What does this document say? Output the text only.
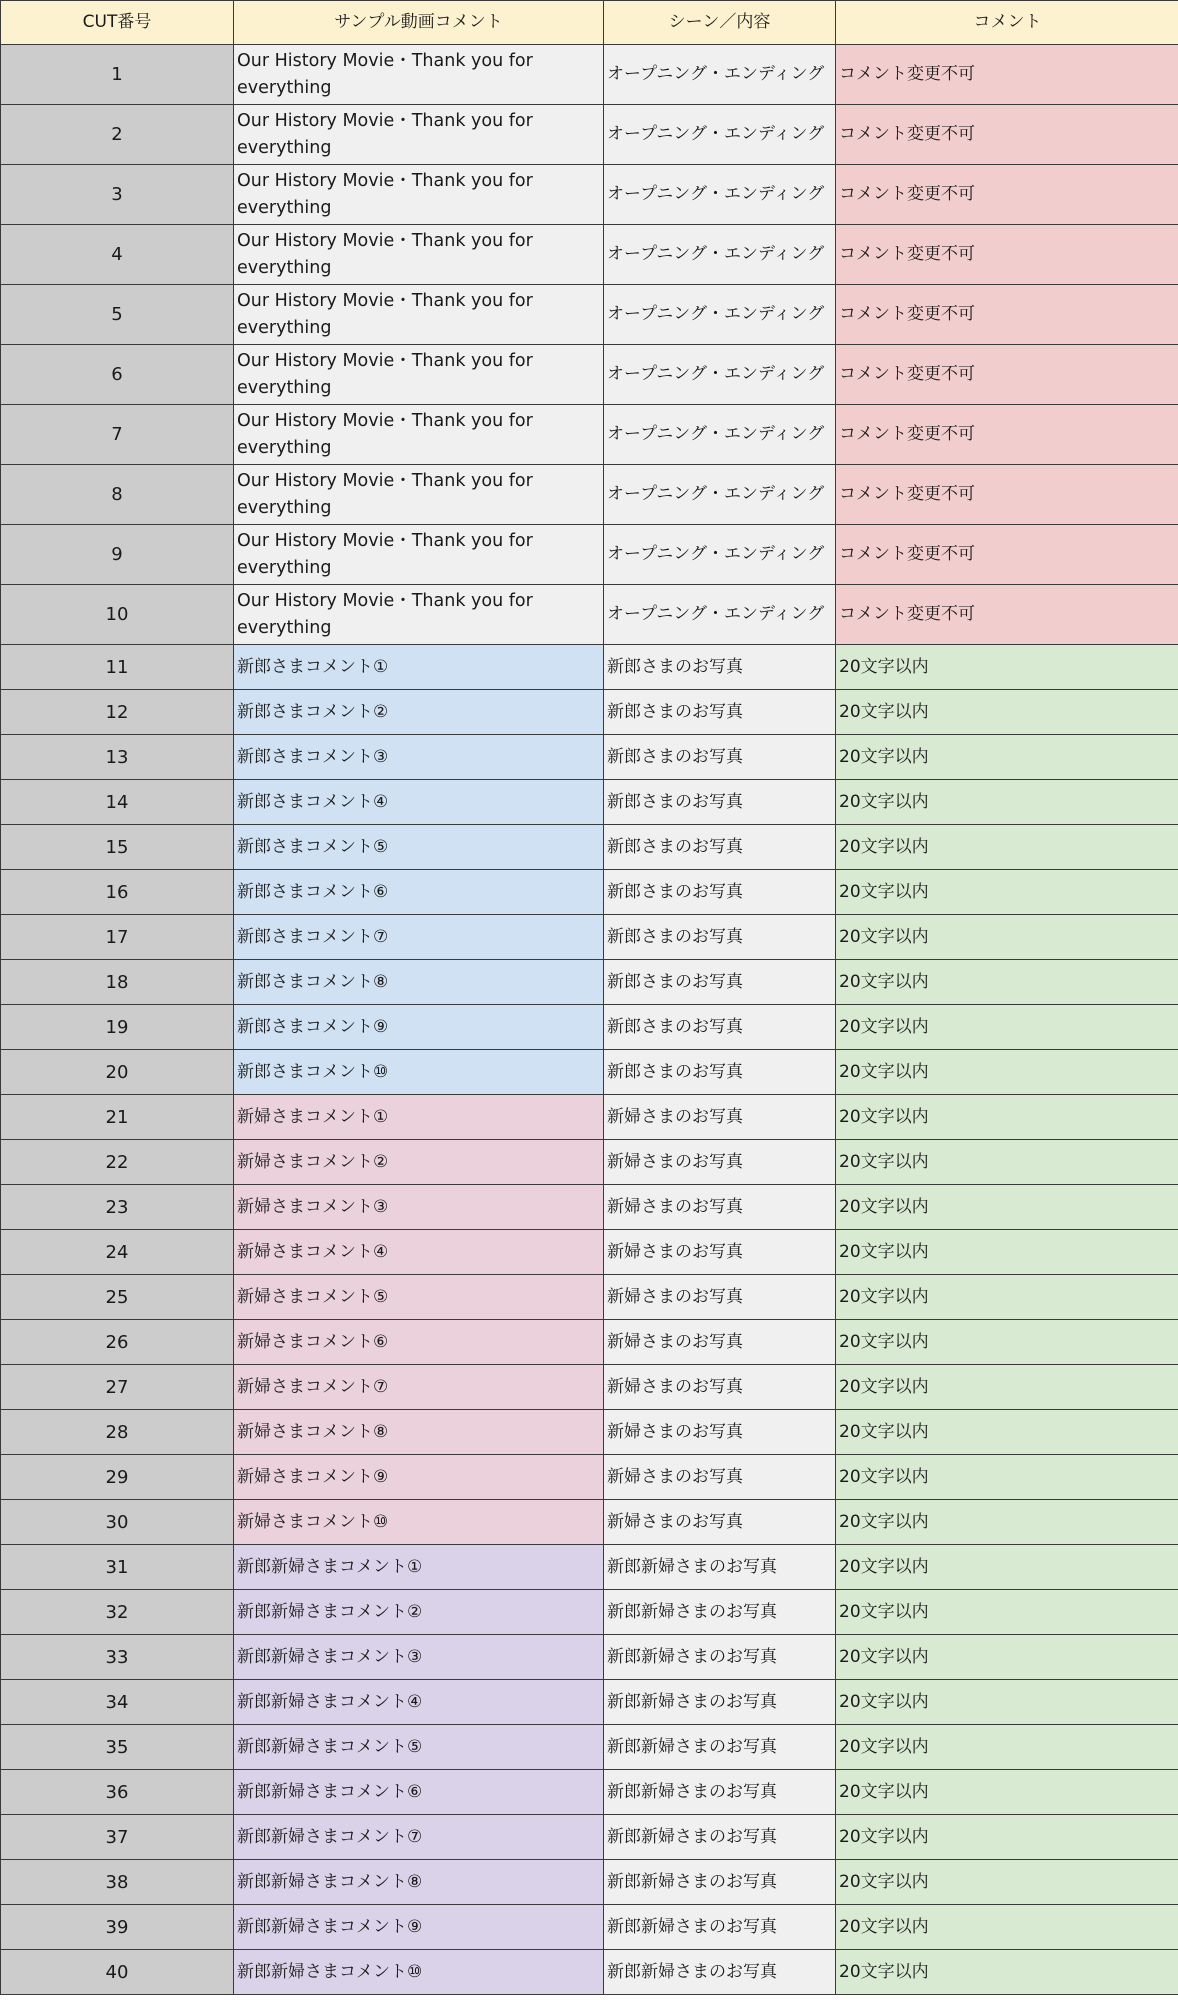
CUT番号	サンプル動画コメント	シーン／内容	コメント
1	Our History Movie・Thank you for everything	オープニング・エンディング	コメント変更不可
2	Our History Movie・Thank you for everything	オープニング・エンディング	コメント変更不可
3	Our History Movie・Thank you for everything	オープニング・エンディング	コメント変更不可
4	Our History Movie・Thank you for everything	オープニング・エンディング	コメント変更不可
5	Our History Movie・Thank you for everything	オープニング・エンディング	コメント変更不可
6	Our History Movie・Thank you for everything	オープニング・エンディング	コメント変更不可
7	Our History Movie・Thank you for everything	オープニング・エンディング	コメント変更不可
8	Our History Movie・Thank you for everything	オープニング・エンディング	コメント変更不可
9	Our History Movie・Thank you for everything	オープニング・エンディング	コメント変更不可
10	Our History Movie・Thank you for everything	オープニング・エンディング	コメント変更不可
11	新郎さまコメント①	新郎さまのお写真	20文字以内
12	新郎さまコメント②	新郎さまのお写真	20文字以内
13	新郎さまコメント③	新郎さまのお写真	20文字以内
14	新郎さまコメント④	新郎さまのお写真	20文字以内
15	新郎さまコメント⑤	新郎さまのお写真	20文字以内
16	新郎さまコメント⑥	新郎さまのお写真	20文字以内
17	新郎さまコメント⑦	新郎さまのお写真	20文字以内
18	新郎さまコメント⑧	新郎さまのお写真	20文字以内
19	新郎さまコメント⑨	新郎さまのお写真	20文字以内
20	新郎さまコメント⑩	新郎さまのお写真	20文字以内
21	新婦さまコメント①	新婦さまのお写真	20文字以内
22	新婦さまコメント②	新婦さまのお写真	20文字以内
23	新婦さまコメント③	新婦さまのお写真	20文字以内
24	新婦さまコメント④	新婦さまのお写真	20文字以内
25	新婦さまコメント⑤	新婦さまのお写真	20文字以内
26	新婦さまコメント⑥	新婦さまのお写真	20文字以内
27	新婦さまコメント⑦	新婦さまのお写真	20文字以内
28	新婦さまコメント⑧	新婦さまのお写真	20文字以内
29	新婦さまコメント⑨	新婦さまのお写真	20文字以内
30	新婦さまコメント⑩	新婦さまのお写真	20文字以内
31	新郎新婦さまコメント①	新郎新婦さまのお写真	20文字以内
32	新郎新婦さまコメント②	新郎新婦さまのお写真	20文字以内
33	新郎新婦さまコメント③	新郎新婦さまのお写真	20文字以内
34	新郎新婦さまコメント④	新郎新婦さまのお写真	20文字以内
35	新郎新婦さまコメント⑤	新郎新婦さまのお写真	20文字以内
36	新郎新婦さまコメント⑥	新郎新婦さまのお写真	20文字以内
37	新郎新婦さまコメント⑦	新郎新婦さまのお写真	20文字以内
38	新郎新婦さまコメント⑧	新郎新婦さまのお写真	20文字以内
39	新郎新婦さまコメント⑨	新郎新婦さまのお写真	20文字以内
40	新郎新婦さまコメント⑩	新郎新婦さまのお写真	20文字以内
